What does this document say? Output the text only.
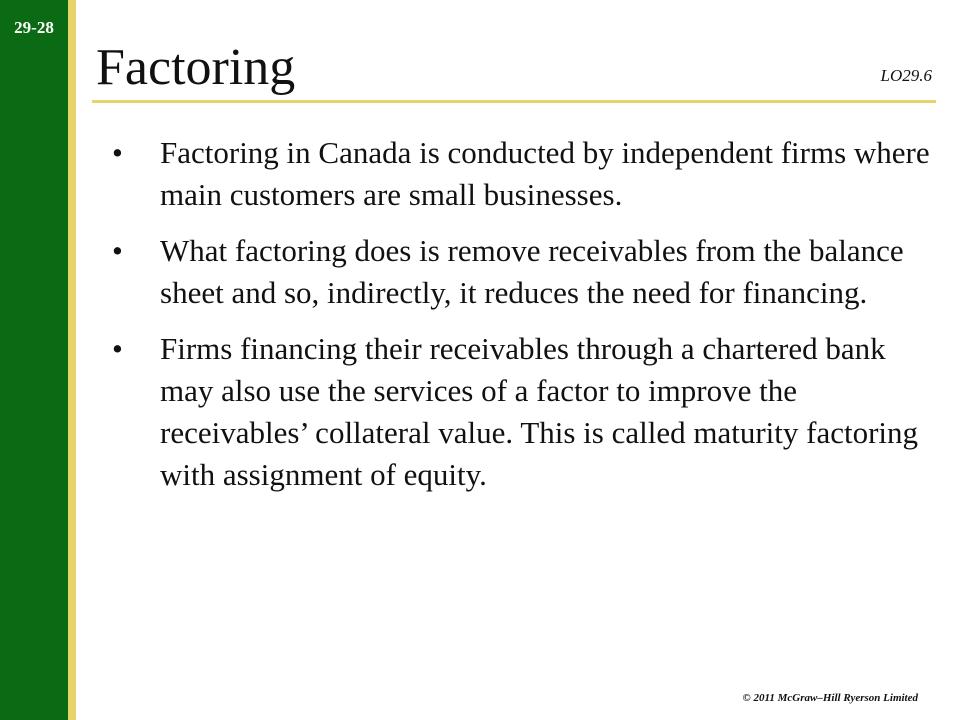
29-28
Factoring	LO29.6
•	Factoring in Canada is conducted by independent firms where main customers are small businesses.
•	What factoring does is remove receivables from the balance sheet and so, indirectly, it reduces the need for financing.
•	Firms financing their receivables through a chartered bank may also use the services of a factor to improve the receivables’ collateral value. This is called maturity factoring with assignment of equity.
© 2011 McGraw–Hill Ryerson Limited
